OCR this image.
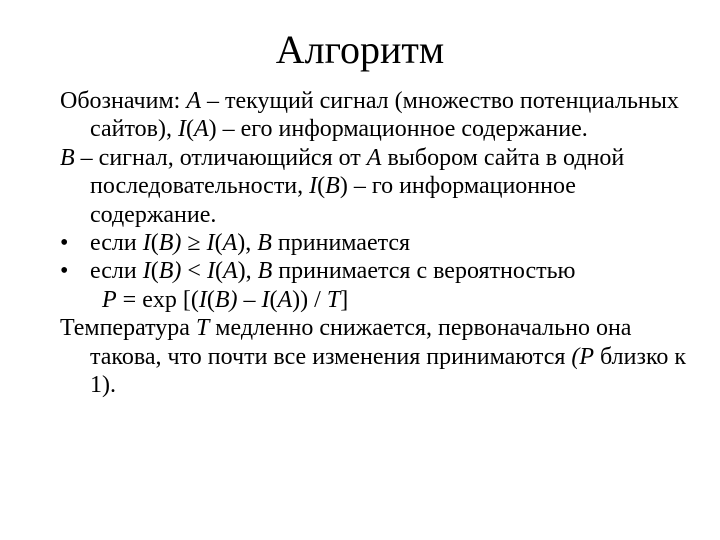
Алгоритм

Обозначим: A – текущий сигнал (множество потенциальных сайтов), I(A) – его информационное содержание.

B – сигнал, отличающийся от A выбором сайта в одной последовательности, I(B) – го информационное содержание.

• если I(B) ≥ I(A), B принимается

• если I(B) < I(A), B принимается с вероятностью

P = exp [(I(B) – I(A)) / T]

Температура T медленно снижается, первоначально она такова, что почти все изменения принимаются (P близко к 1).
